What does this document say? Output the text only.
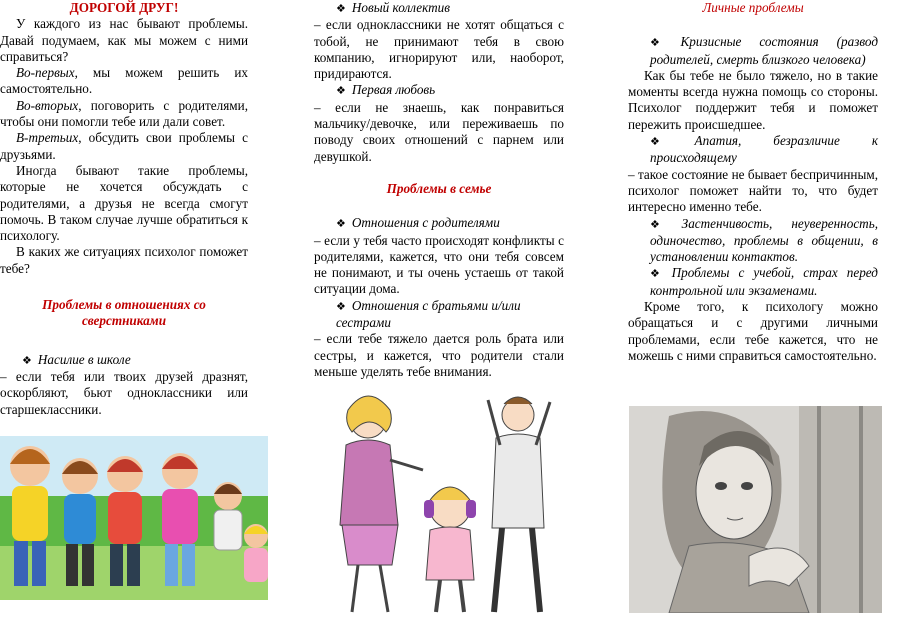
ДОРОГОЙ ДРУГ!

У каждого из нас бывают проблемы. Давай подумаем, как мы можем с ними справиться?

Во-первых, мы можем решить их самостоятельно.

Во-вторых, поговорить с родителями, чтобы они помогли тебе или дали совет.

В-третьих, обсудить свои проблемы с друзьями.

Иногда бывают такие проблемы, которые не хочется обсуждать с родителями, а друзья не всегда смогут помочь. В таком случае лучше обратиться к психологу.

В каких же ситуациях психолог поможет тебе?

Проблемы в отношениях со сверстниками

❖ Насилие в школе

– если тебя или твоих друзей дразнят, оскорбляют, бьют одноклассники или старшеклассники.

❖ Новый коллектив

– если одноклассники не хотят общаться с тобой, не принимают тебя в свою компанию, игнорируют или, наоборот, придираются.

❖ Первая любовь

– если не знаешь, как понравиться мальчику/девочке, или переживаешь по поводу своих отношений с парнем или девушкой.

Проблемы в семье

❖ Отношения с родителями

– если у тебя часто происходят конфликты с родителями, кажется, что они тебя совсем не понимают, и ты очень устаешь от такой ситуации дома.

❖ Отношения с братьями и/или сестрами

– если тебе тяжело дается роль брата или сестры, и кажется, что родители стали меньше уделять тебе внимания.

Личные проблемы

❖ Кризисные состояния (развод родителей, смерть близкого человека)

Как бы тебе не было тяжело, но в такие моменты всегда нужна помощь со стороны. Психолог поддержит тебя и поможет пережить происшедшее.

❖ Апатия, безразличие к происходящему

– такое состояние не бывает беспричинным, психолог поможет найти то, что будет интересно именно тебе.

❖ Застенчивость, неуверенность, одиночество, проблемы в общении, в установлении контактов.

❖ Проблемы с учебой, страх перед контрольной или экзаменами.

Кроме того, к психологу можно обращаться и с другими личными проблемами, если тебе кажется, что не можешь с ними справиться самостоятельно.
